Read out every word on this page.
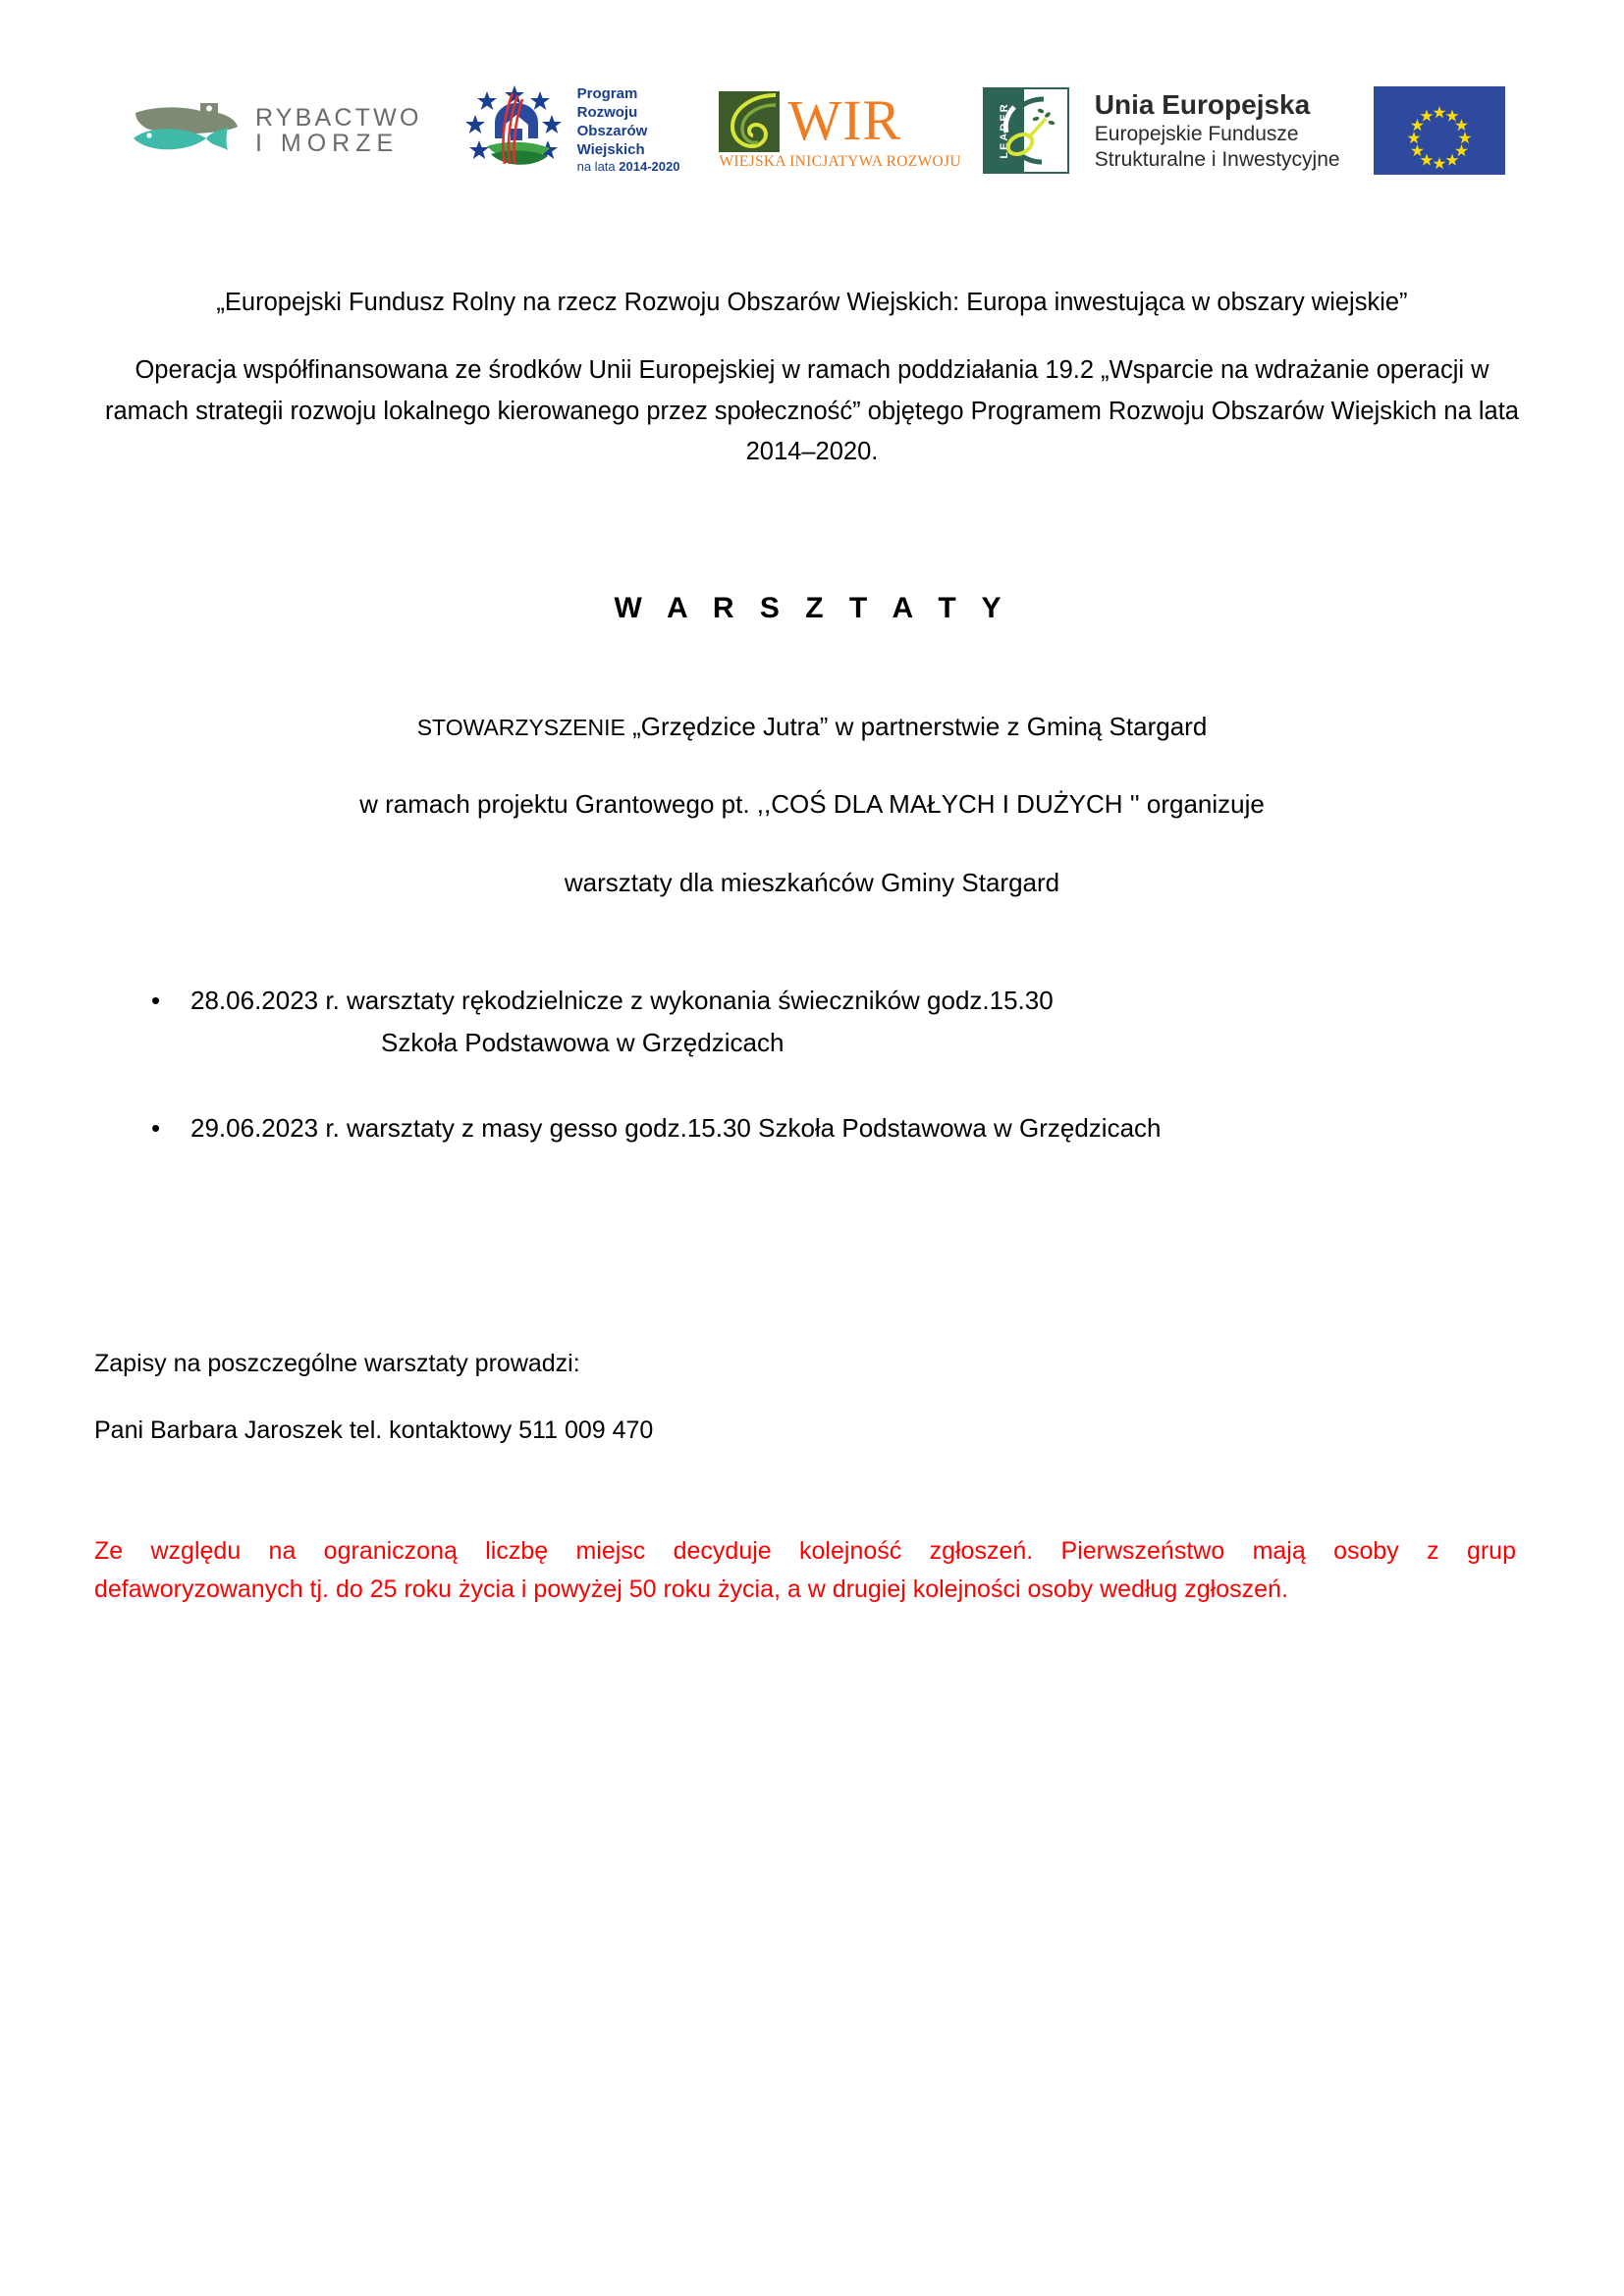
RYBACTWO
I MORZE
Program
Rozwoju
Obszarów
Wiejskich
na lata 2014-2020
WIR
WIEJSKA INICJATYWA ROZWOJU
LEADER	Unia Europejska
Europejskie Fundusze
Strukturalne i Inwestycyjne

„Europejski Fundusz Rolny na rzecz Rozwoju Obszarów Wiejskich: Europa inwestująca w obszary wiejskie”

Operacja współfinansowana ze środków Unii Europejskiej w ramach poddziałania 19.2 „Wsparcie na wdrażanie operacji w ramach strategii rozwoju lokalnego kierowanego przez społeczność” objętego Programem Rozwoju Obszarów Wiejskich na lata 2014–2020.

W A R S Z T A T Y
STOWARZYSZENIE „Grzędzice Jutra” w partnerstwie z Gminą Stargard
w ramach projektu Grantowego pt. ,,COŚ DLA MAŁYCH I DUŻYCH '' organizuje
warsztaty dla mieszkańców Gminy Stargard
• 28.06.2023 r. warsztaty rękodzielnicze z wykonania świeczników godz.15.30
Szkoła Podstawowa w Grzędzicach
• 29.06.2023 r. warsztaty z masy gesso godz.15.30 Szkoła Podstawowa w Grzędzicach
Zapisy na poszczególne warsztaty prowadzi:
Pani Barbara Jaroszek tel. kontaktowy 511 009 470
Ze względu na ograniczoną liczbę miejsc decyduje kolejność zgłoszeń. Pierwszeństwo mają osoby z grup
defaworyzowanych tj. do 25 roku życia i powyżej 50 roku życia, a w drugiej kolejności osoby według zgłoszeń.
